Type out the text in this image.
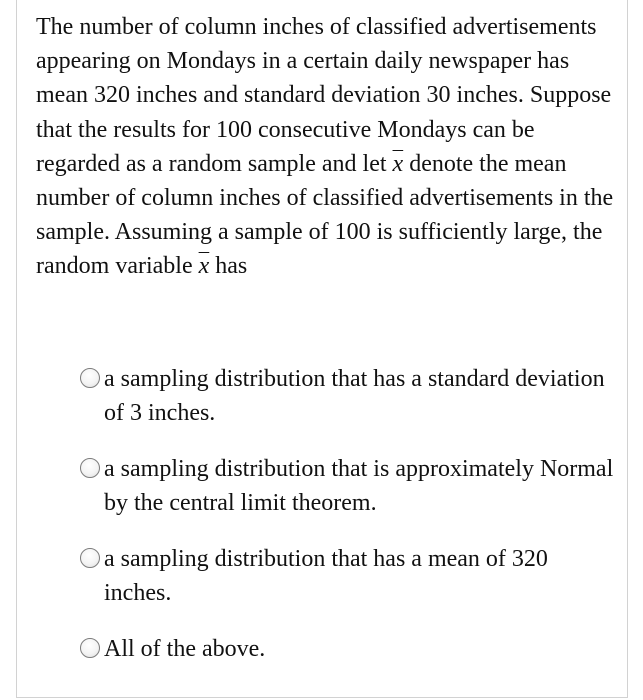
The number of column inches of classified advertisements appearing on Mondays in a certain daily newspaper has mean 320 inches and standard deviation 30 inches. Suppose that the results for 100 consecutive Mondays can be regarded as a random sample and let $\overline{x}$ denote the mean number of column inches of classified advertisements in the sample. Assuming a sample of 100 is sufficiently large, the random variable $\overline{x}$ has

a sampling distribution that has a standard deviation of 3 inches.
a sampling distribution that is approximately Normal by the central limit theorem.
a sampling distribution that has a mean of 320 inches.
All of the above.
